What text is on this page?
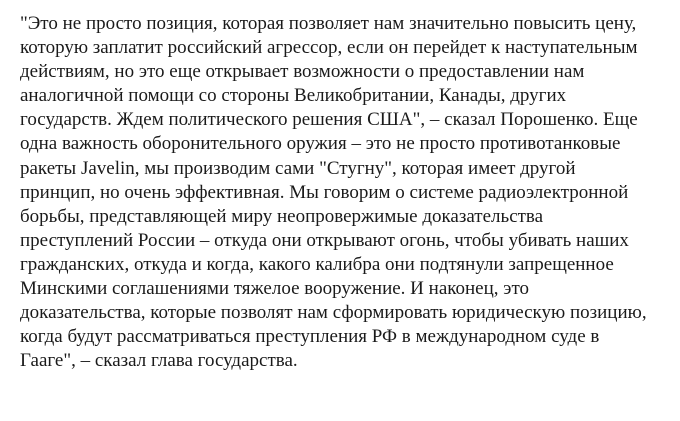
"Это не просто позиция, которая позволяет нам значительно повысить цену,
которую заплатит российский агрессор, если он перейдет к наступательным
действиям, но это еще открывает возможности о предоставлении нам
аналогичной помощи со стороны Великобритании, Канады, других
государств. Ждем политического решения США", – сказал Порошенко. Еще
одна важность оборонительного оружия – это не просто противотанковые
ракеты Javelin, мы производим сами "Стугну", которая имеет другой
принцип, но очень эффективная. Мы говорим о системе радиоэлектронной
борьбы, представляющей миру неопровержимые доказательства
преступлений России – откуда они открывают огонь, чтобы убивать наших
гражданских, откуда и когда, какого калибра они подтянули запрещенное
Минскими соглашениями тяжелое вооружение. И наконец, это
доказательства, которые позволят нам сформировать юридическую позицию,
когда будут рассматриваться преступления РФ в международном суде в
Гааге", – сказал глава государства.
